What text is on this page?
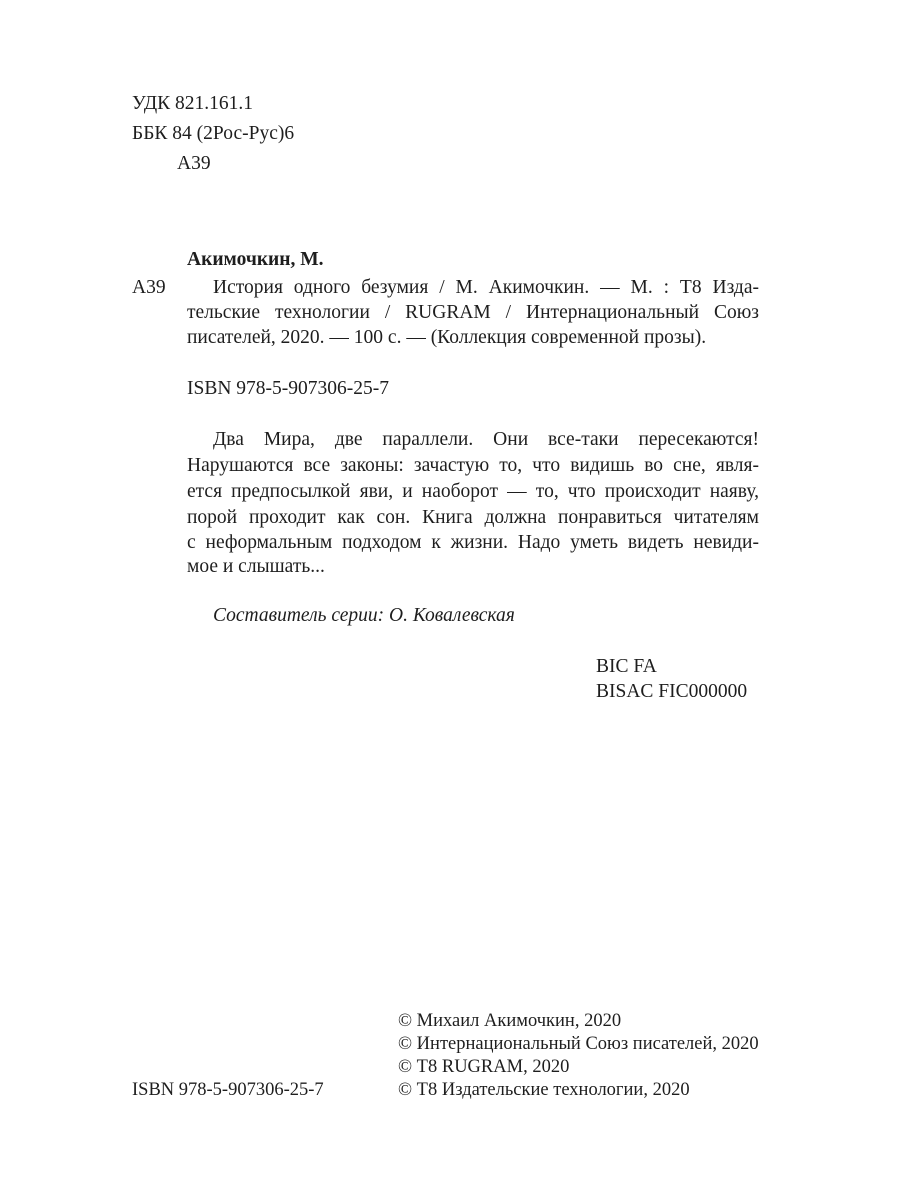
УДК 821.161.1
ББК 84 (2Рос-Рус)6
А39
Акимочкин, М.
А39 История одного безумия / М. Акимочкин. — М. : Т8 Изда-
тельские технологии / RUGRAM / Интернациональный Союз
писателей, 2020. — 100 с. — (Коллекция современной прозы).
ISBN 978-5-907306-25-7
Два Мира, две параллели. Они все-таки пересекаются!
Нарушаются все законы: зачастую то, что видишь во сне, явля-
ется предпосылкой яви, и наоборот — то, что происходит наяву,
порой проходит как сон. Книга должна понравиться читателям
с неформальным подходом к жизни. Надо уметь видеть невиди-
мое и слышать...
Составитель серии: О. Ковалевская
BIC FA
BISAC FIC000000
© Михаил Акимочкин, 2020
© Интернациональный Союз писателей, 2020
© Т8 RUGRAM, 2020
© Т8 Издательские технологии, 2020
ISBN 978-5-907306-25-7
